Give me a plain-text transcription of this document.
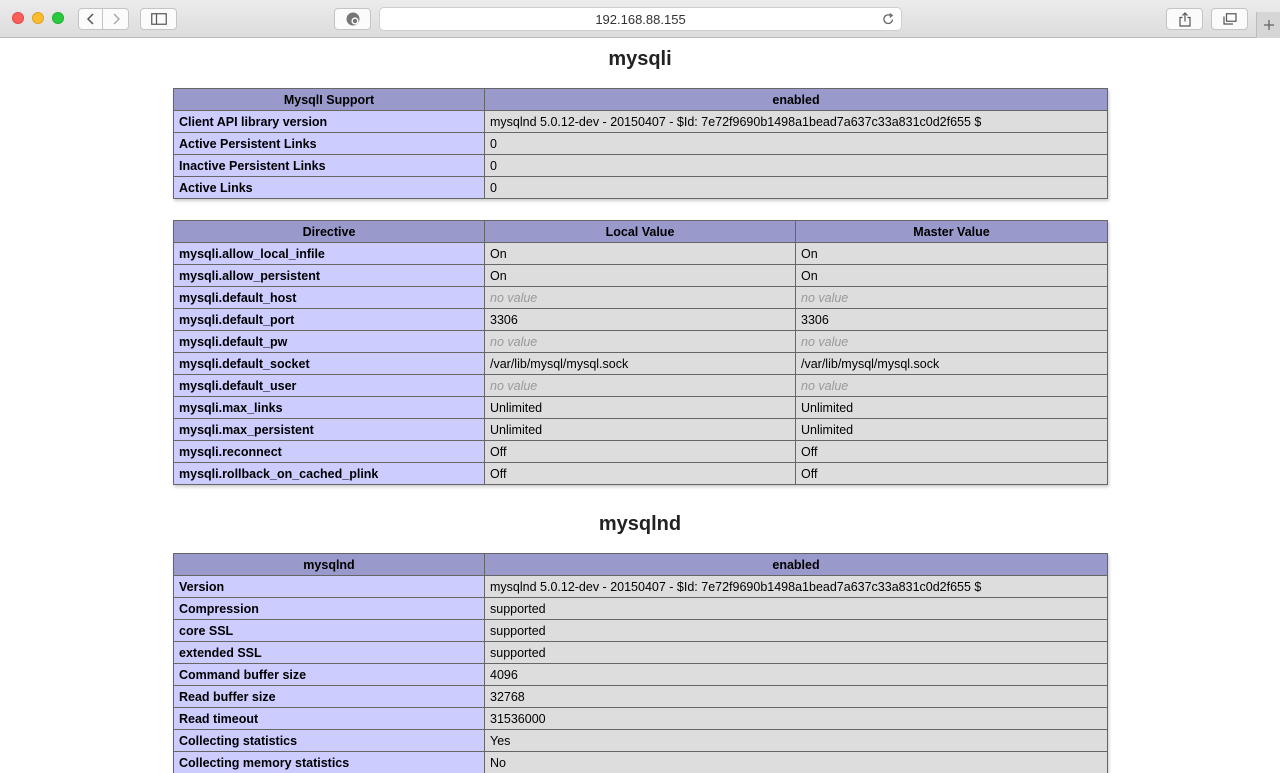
192.168.88.155
mysqli
MysqlI Support	enabled
Client API library version	mysqlnd 5.0.12-dev - 20150407 - $Id: 7e72f9690b1498a1bead7a637c33a831c0d2f655 $
Active Persistent Links	0
Inactive Persistent Links	0
Active Links	0
Directive	Local Value	Master Value
mysqli.allow_local_infile	On	On
mysqli.allow_persistent	On	On
mysqli.default_host	no value	no value
mysqli.default_port	3306	3306
mysqli.default_pw	no value	no value
mysqli.default_socket	/var/lib/mysql/mysql.sock	/var/lib/mysql/mysql.sock
mysqli.default_user	no value	no value
mysqli.max_links	Unlimited	Unlimited
mysqli.max_persistent	Unlimited	Unlimited
mysqli.reconnect	Off	Off
mysqli.rollback_on_cached_plink	Off	Off
mysqlnd
mysqlnd	enabled
Version	mysqlnd 5.0.12-dev - 20150407 - $Id: 7e72f9690b1498a1bead7a637c33a831c0d2f655 $
Compression	supported
core SSL	supported
extended SSL	supported
Command buffer size	4096
Read buffer size	32768
Read timeout	31536000
Collecting statistics	Yes
Collecting memory statistics	No
